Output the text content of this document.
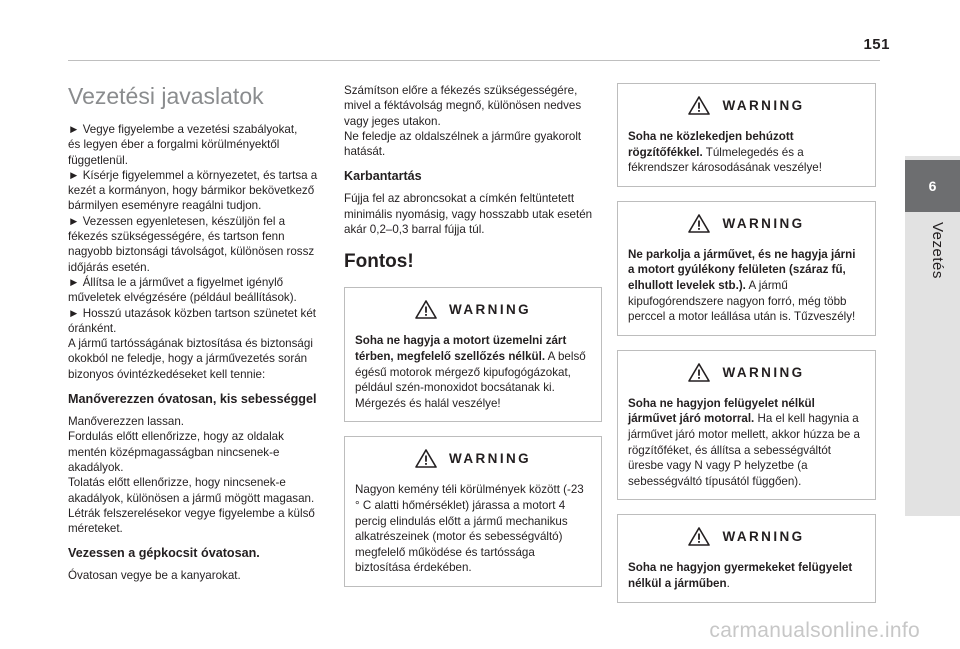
151
6
Vezetés
Vezetési javaslatok

► Vegye figyelembe a vezetési szabályokat,
és legyen éber a forgalmi körülményektől
függetlenül.
► Kísérje figyelemmel a környezetet, és tartsa a
kezét a kormányon, hogy bármikor bekövetkező
bármilyen eseményre reagálni tudjon.
► Vezessen egyenletesen, készüljön fel a
fékezés szükségességére, és tartson fenn
nagyobb biztonsági távolságot, különösen rossz
időjárás esetén.
► Állítsa le a járművet a figyelmet igénylő
műveletek elvégzésére (például beállítások).
► Hosszú utazások közben tartson szünetet két
óránként.
A jármű tartósságának biztosítása és biztonsági
okokból ne feledje, hogy a járművezetés során
bizonyos óvintézkedéseket kell tennie:

Manőverezzen óvatosan, kis sebességgel

Manőverezzen lassan.
Fordulás előtt ellenőrizze, hogy az oldalak
mentén középmagasságban nincsenek-e
akadályok.
Tolatás előtt ellenőrizze, hogy nincsenek-e
akadályok, különösen a jármű mögött magasan.
Létrák felszerelésekor vegye figyelembe a külső
méreteket.

Vezessen a gépkocsit óvatosan.

Óvatosan vegye be a kanyarokat.

Számítson előre a fékezés szükségességére,
mivel a féktávolság megnő, különösen nedves
vagy jeges utakon.
Ne feledje az oldalszélnek a járműre gyakorolt
hatását.

Karbantartás

Fújja fel az abroncsokat a címkén feltüntetett
minimális nyomásig, vagy hosszabb utak esetén
akár 0,2–0,3 barral fújja túl.

Fontos!
WARNING

Soha ne hagyja a motort üzemelni zárt térben, megfelelő szellőzés nélkül. A belső égésű motorok mérgező kipufogógázokat, például szén-monoxidot bocsátanak ki. Mérgezés és halál veszélye!

WARNING

Nagyon kemény téli körülmények között (-23 ° C alatti hőmérséklet) járassa a motort 4 percig elindulás előtt a jármű mechanikus alkatrészeinek (motor és sebességváltó) megfelelő működése és tartóssága biztosítása érdekében.

WARNING

Soha ne közlekedjen behúzott rögzítőfékkel. Túlmelegedés és a fékrendszer károsodásának veszélye!

WARNING

Ne parkolja a járművet, és ne hagyja járni a motort gyúlékony felületen (száraz fű, elhullott levelek stb.). A jármű kipufogórendszere nagyon forró, még több perccel a motor leállása után is. Tűzveszély!

WARNING

Soha ne hagyjon felügyelet nélkül járművet járó motorral. Ha el kell hagynia a járművet járó motor mellett, akkor húzza be a rögzítőféket, és állítsa a sebességváltót üresbe vagy N vagy P helyzetbe (a sebességváltó típusától függően).

WARNING

Soha ne hagyjon gyermekeket felügyelet nélkül a járműben.

carmanualsonline.info
